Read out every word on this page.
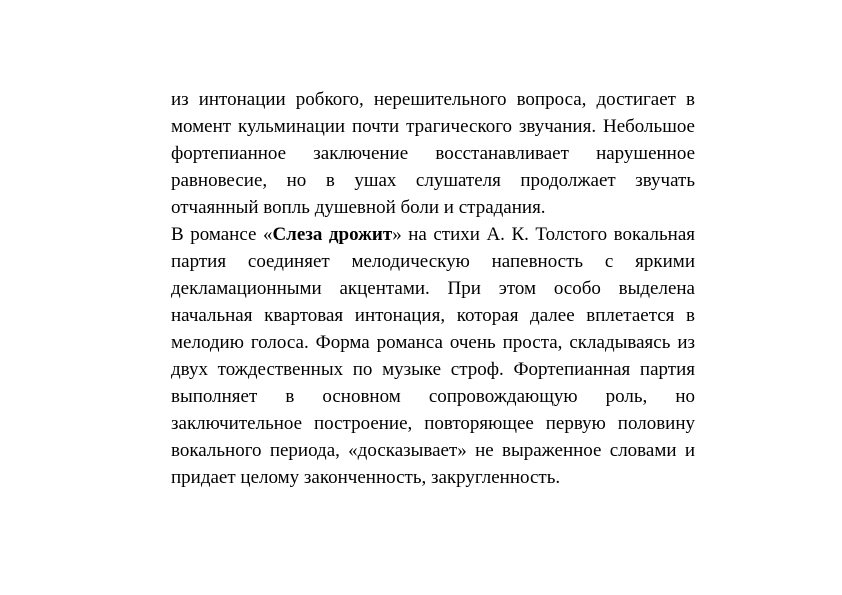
из интонации робкого, нерешительного вопроса, достигает в момент кульминации почти трагического звучания. Небольшое фортепианное заключение восстанавливает нарушенное равновесие, но в ушах слушателя продолжает звучать отчаянный вопль душевной боли и страдания.

В романсе «Слеза дрожит» на стихи А. К. Толстого вокальная партия соединяет мелодическую напевность с яркими декламационными акцентами. При этом особо выделена начальная квартовая интонация, которая далее вплетается в мелодию голоса. Форма романса очень проста, складываясь из двух тождественных по музыке строф. Фортепианная партия выполняет в основном сопровождающую роль, но заключительное построение, повторяющее первую половину вокального периода, «досказывает» не выраженное словами и придает целому законченность, закругленность.
